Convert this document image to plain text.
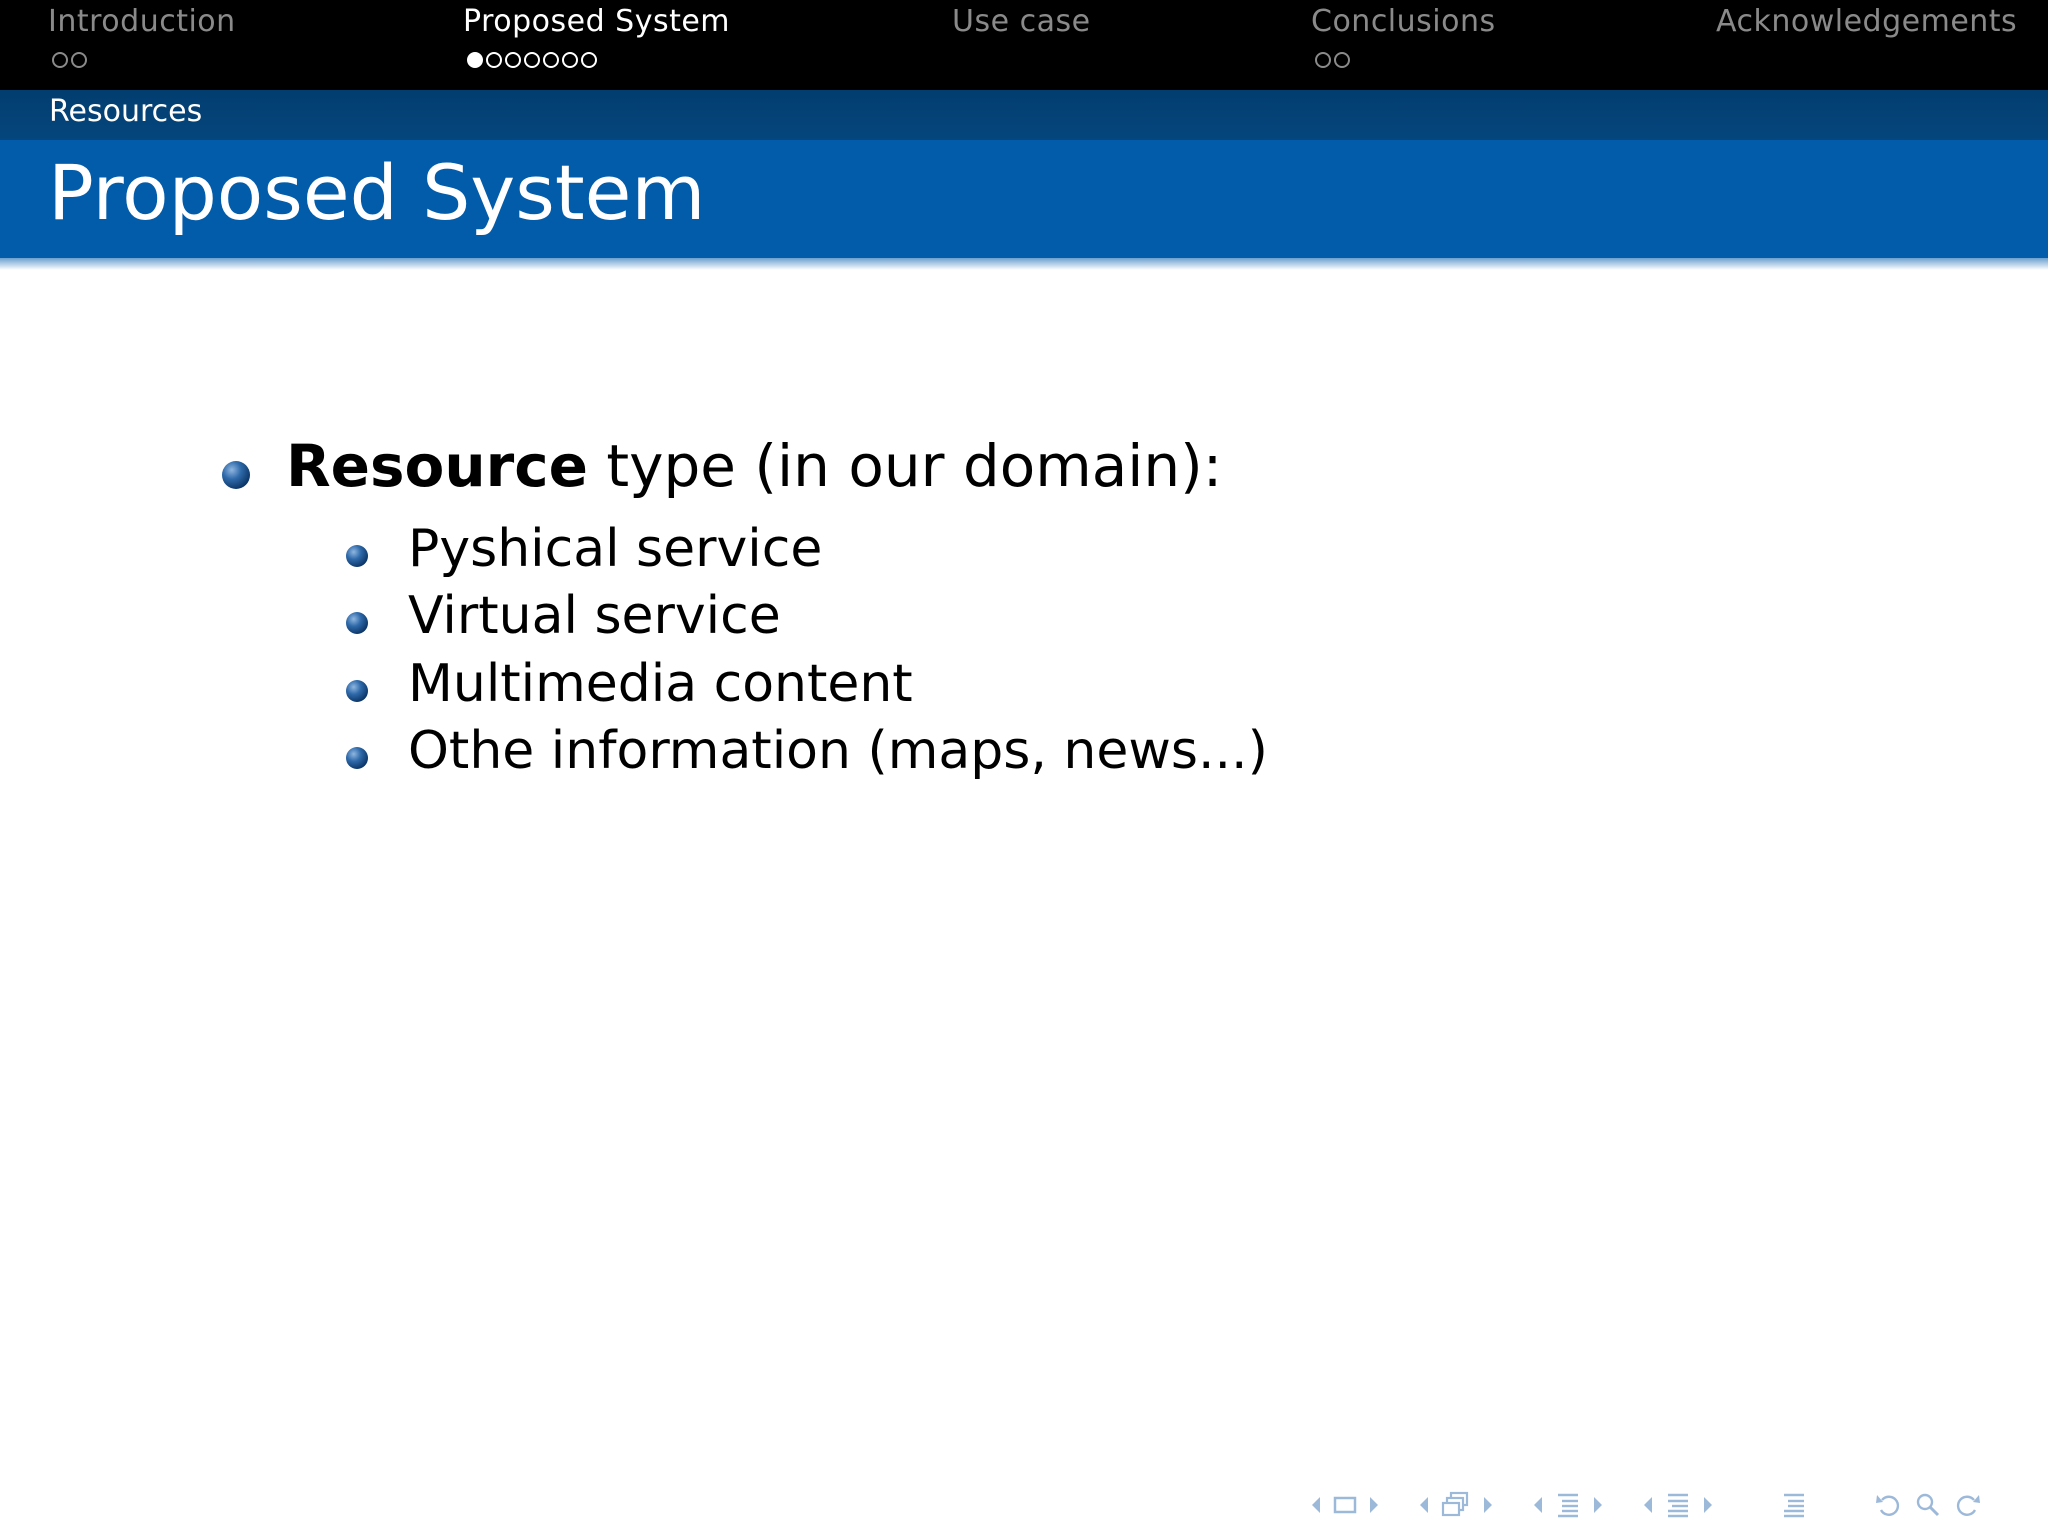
Introduction	Proposed System	Use case	Conclusions	Acknowledgements
Resources
Proposed System
Resource type (in our domain):
Pyshical service
Virtual service
Multimedia content
Othe information (maps, news...)
